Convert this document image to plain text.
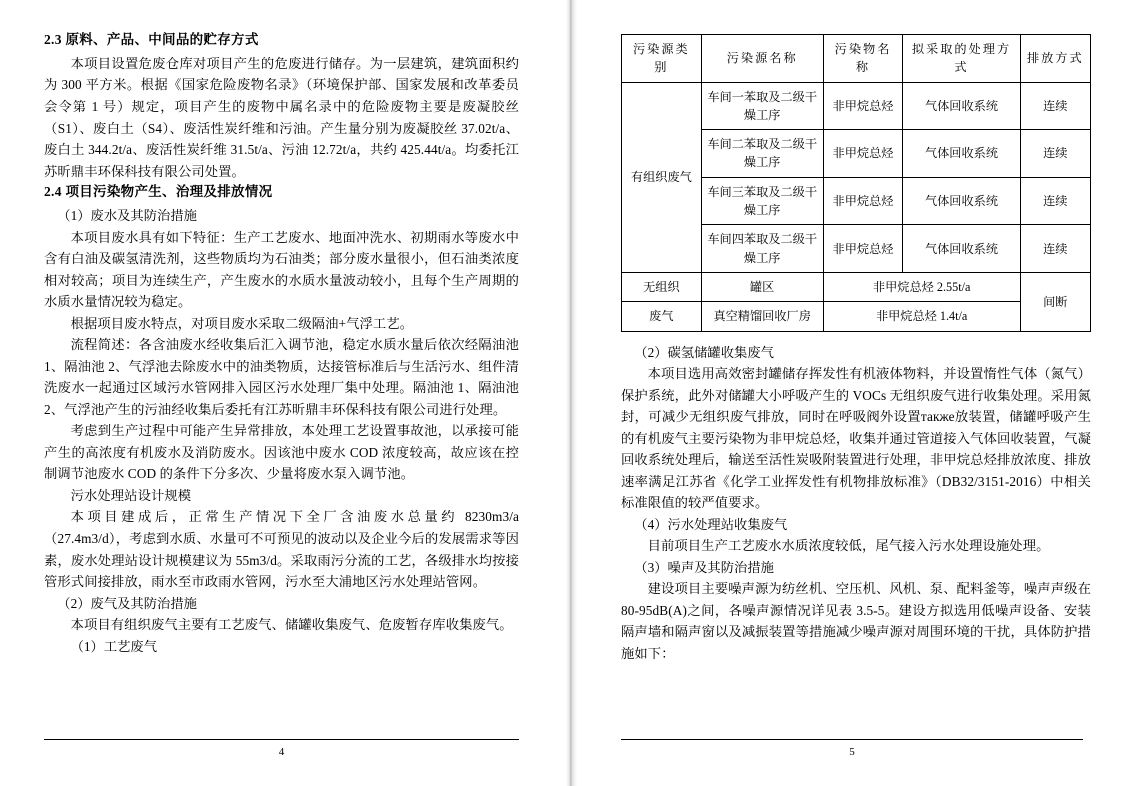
2.3 原料、产品、中间品的贮存方式
本项目设置危废仓库对项目产生的危废进行储存。为一层建筑，建筑面积约为 300 平方米。根据《国家危险废物名录》（环境保护部、国家发展和改革委员会令第 1 号）规定，项目产生的废物中属名录中的危险废物主要是废凝胶丝（S1）、废白土（S4）、废活性炭纤维和污油。产生量分别为废凝胶丝 37.02t/a、废白土 344.2t/a、废活性炭纤维 31.5t/a、污油 12.72t/a，共约 425.44t/a。均委托江苏昕鼎丰环保科技有限公司处置。
2.4 项目污染物产生、治理及排放情况
（1）废水及其防治措施
本项目废水具有如下特征：生产工艺废水、地面冲洗水、初期雨水等废水中含有白油及碳氢清洗剂，这些物质均为石油类；部分废水量很小，但石油类浓度相对较高；项目为连续生产，产生废水的水质水量波动较小，且每个生产周期的水质水量情况较为稳定。
根据项目废水特点，对项目废水采取二级隔油+气浮工艺。
流程简述：各含油废水经收集后汇入调节池，稳定水质水量后依次经隔油池 1、隔油池 2、气浮池去除废水中的油类物质，达接管标准后与生活污水、组件清洗废水一起通过区域污水管网排入园区污水处理厂集中处理。隔油池 1、隔油池 2、气浮池产生的污油经收集后委托有江苏昕鼎丰环保科技有限公司进行处理。
考虑到生产过程中可能产生异常排放，本处理工艺设置事故池，以承接可能产生的高浓度有机废水及消防废水。因该池中废水 COD 浓度较高，故应该在控制调节池废水 COD 的条件下分多次、少量将废水泵入调节池。
污水处理站设计规模
本项目建成后，正常生产情况下全厂含油废水总量约 8230m3/a（27.4m3/d），考虑到水质、水量可不可预见的波动以及企业今后的发展需求等因素，废水处理站设计规模建议为 55m3/d。采取雨污分流的工艺，各级排水均按接管形式间接排放，雨水至市政雨水管网，污水至大浦地区污水处理站管网。
（2）废气及其防治措施
本项目有组织废气主要有工艺废气、储罐收集废气、危废暂存库收集废气。
（1）工艺废气
4
污染源类别	污染源名称	污染物名称	拟采取的处理方式	排放方式
有组织废气	车间一苯取及二级干燥工序	非甲烷总烃	气体回收系统	连续
	车间二苯取及二级干燥工序	非甲烷总烃	气体回收系统	连续
	车间三苯取及二级干燥工序	非甲烷总烃	气体回收系统	连续
	车间四苯取及二级干燥工序	非甲烷总烃	气体回收系统	连续
无组织	罐区	非甲烷总烃 2.55t/a		间断
废气	真空精馏回收厂房	非甲烷总烃 1.4t/a		
（2）碳氢储罐收集废气
本项目选用高效密封罐储存挥发性有机液体物料，并设置惰性气体（氮气）保护系统，此外对储罐大小呼吸产生的 VOCs 无组织废气进行收集处理。采用氮封，可减少无组织废气排放，同时在呼吸阀外设置также放装置，储罐呼吸产生的有机废气主要污染物为非甲烷总烃，收集并通过管道接入气体回收装置，气凝回收系统处理后，输送至活性炭吸附装置进行处理，非甲烷总烃排放浓度、排放速率满足江苏省《化学工业挥发性有机物排放标准》（DB32/3151-2016）中相关标准限值的较严值要求。
（4）污水处理站收集废气
目前项目生产工艺废水水质浓度较低，尾气接入污水处理设施处理。
（3）噪声及其防治措施
建设项目主要噪声源为纺丝机、空压机、风机、泵、配料釜等，噪声声级在 80-95dB(A)之间，各噪声源情况详见表 3.5-5。建设方拟选用低噪声设备、安装隔声墙和隔声窗以及减振装置等措施减少噪声源对周围环境的干扰，具体防护措施如下：
5
